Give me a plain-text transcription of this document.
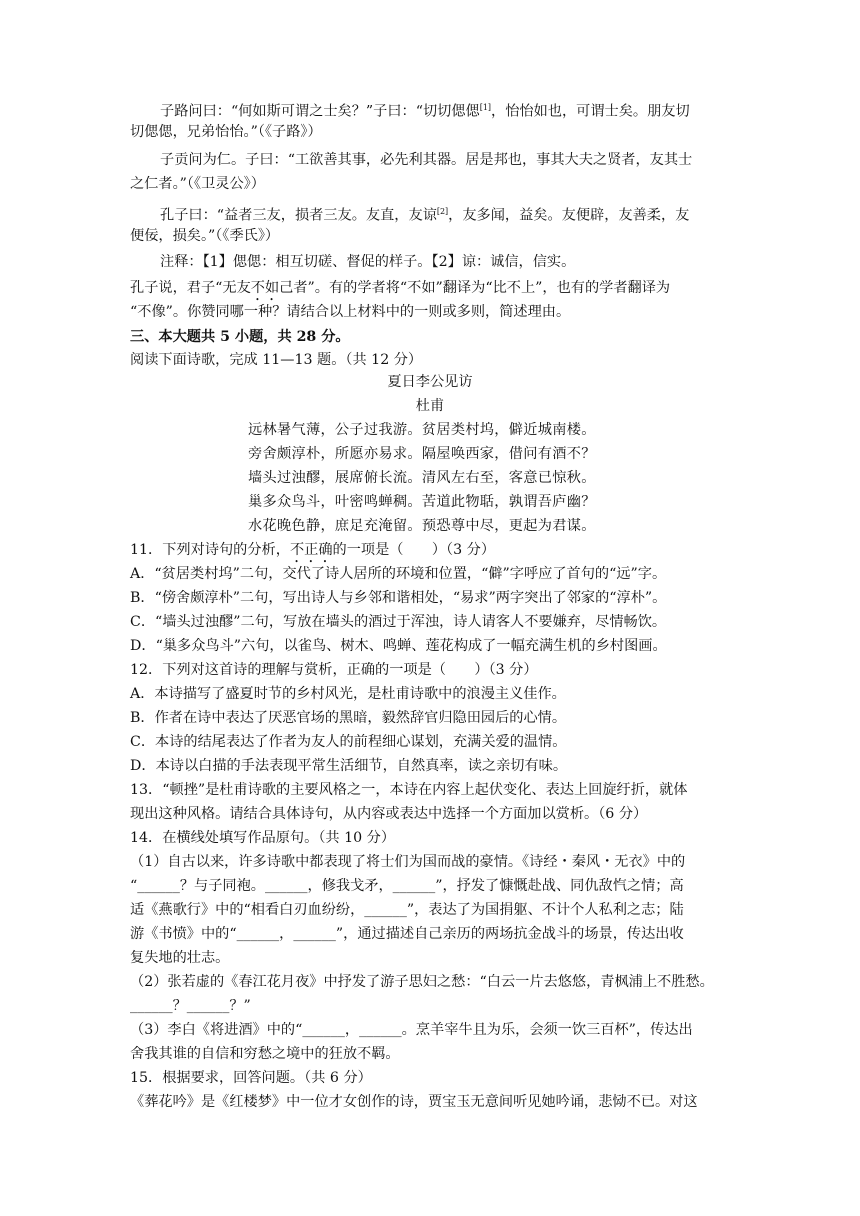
子路问曰：“何如斯可谓之士矣？”子曰：“切切偲偲[1]，怡怡如也，可谓士矣。朋友切
切偲偲，兄弟怡怡。”（《子路》）
子贡问为仁。子曰：“工欲善其事，必先利其器。居是邦也，事其大夫之贤者，友其士
之仁者。”（《卫灵公》）
孔子曰：“益者三友，损者三友。友直，友谅[2]，友多闻，益矣。友便辟，友善柔，友
便佞，损矣。”（《季氏》）
注释：【1】偲偲：相互切磋、督促的样子。【2】谅：诚信，信实。
孔子说，君子“无友不如己者”。有的学者将“不如”翻译为“比不上”，也有的学者翻译为
“不像”。你赞同哪一种？请结合以上材料中的一则或多则，简述理由。
三、本大题共 5 小题，共 28 分。
阅读下面诗歌，完成 11—13 题。（共 12 分）
夏日李公见访
杜甫
远林暑气薄，公子过我游。贫居类村坞，僻近城南楼。
旁舍颇淳朴，所愿亦易求。隔屋唤西家，借问有酒不？
墙头过浊醪，展席俯长流。清风左右至，客意已惊秋。
巢多众鸟斗，叶密鸣蝉稠。苦道此物聒，孰谓吾庐幽？
水花晚色静，庶足充淹留。预恐尊中尽，更起为君谋。
11．下列对诗句的分析，不正确的一项是（　　）（3 分）
A．“贫居类村坞”二句，交代了诗人居所的环境和位置，“僻”字呼应了首句的“远”字。
B．“傍舍颇淳朴”二句，写出诗人与乡邻和谐相处，“易求”两字突出了邻家的“淳朴”。
C．“墙头过浊醪”二句，写放在墙头的酒过于浑浊，诗人请客人不要嫌弃，尽情畅饮。
D．“巢多众鸟斗”六句，以雀鸟、树木、鸣蝉、莲花构成了一幅充满生机的乡村图画。
12．下列对这首诗的理解与赏析，正确的一项是（　　）（3 分）
A．本诗描写了盛夏时节的乡村风光，是杜甫诗歌中的浪漫主义佳作。
B．作者在诗中表达了厌恶官场的黑暗，毅然辞官归隐田园后的心情。
C．本诗的结尾表达了作者为友人的前程细心谋划，充满关爱的温情。
D．本诗以白描的手法表现平常生活细节，自然真率，读之亲切有味。
13．“顿挫”是杜甫诗歌的主要风格之一，本诗在内容上起伏变化、表达上回旋纡折，就体
现出这种风格。请结合具体诗句，从内容或表达中选择一个方面加以赏析。（6 分）
14．在横线处填写作品原句。（共 10 分）
（1）自古以来，许多诗歌中都表现了将士们为国而战的豪情。《诗经・秦风・无衣》中的
“______？与子同袍。______，修我戈矛，______”，抒发了慷慨赴战、同仇敌忾之情；高
适《燕歌行》中的“相看白刃血纷纷，______”，表达了为国捐躯、不计个人私利之志；陆
游《书愤》中的“______，______”，通过描述自己亲历的两场抗金战斗的场景，传达出收
复失地的壮志。
（2）张若虚的《春江花月夜》中抒发了游子思妇之愁：“白云一片去悠悠，青枫浦上不胜愁。
______？______？”
（3）李白《将进酒》中的“______，______。烹羊宰牛且为乐，会须一饮三百杯”，传达出
舍我其谁的自信和穷愁之境中的狂放不羁。
15．根据要求，回答问题。（共 6 分）
《葬花吟》是《红楼梦》中一位才女创作的诗，贾宝玉无意间听见她吟诵，悲恸不已。对这
